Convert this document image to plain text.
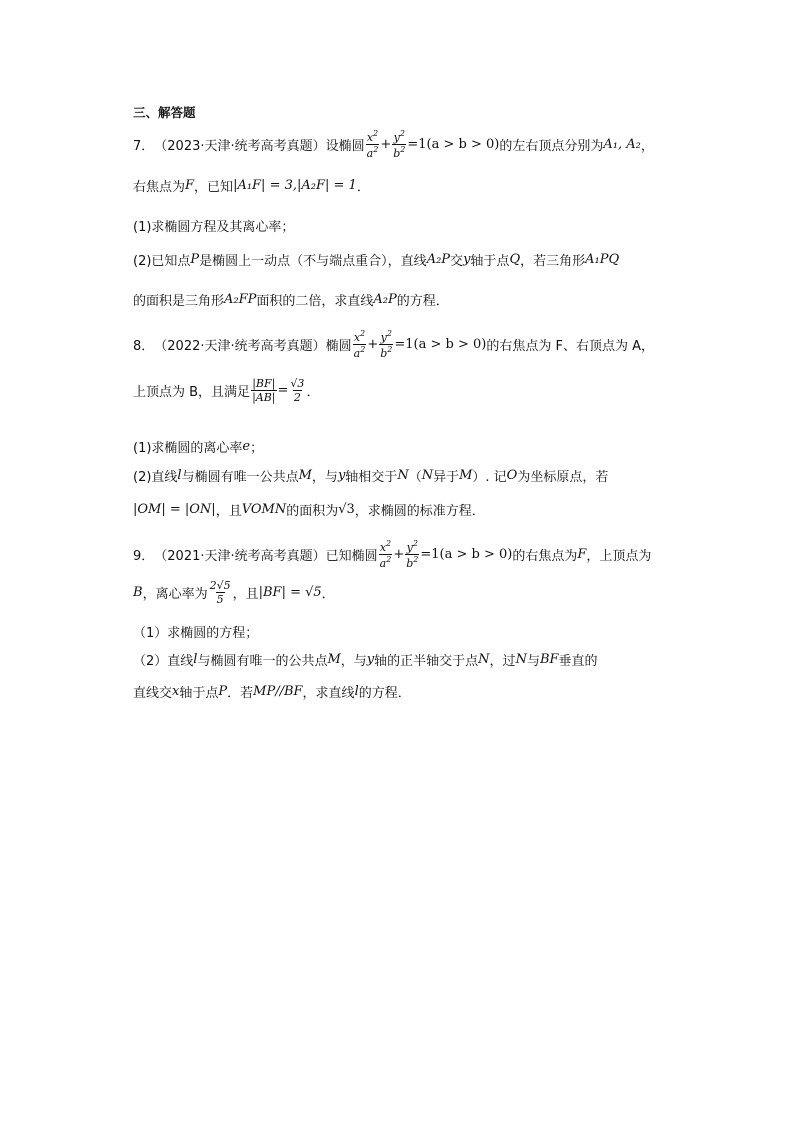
三、解答题
7． （2023·天津·统考高考真题） 设椭圆 $\frac{x^2}{a^2} + \frac{y^2}{b^2} =1(a > b > 0)$ 的左右顶点分别为 A₁, A₂ ，
右焦点为 F ，已知 |A₁F| = 3, |A₂F| = 1 ．
(1)求椭圆方程及其离心率；
(2)已知点 P 是椭圆上一动点（不与端点重合），直线 A₂P 交 y 轴于点 Q ，若三角形 A₁PQ
的面积是三角形 A₂FP 面积的二倍，求直线 A₂P 的方程．
8． （2022·天津·统考高考真题） 椭圆 $\frac{x^2}{a^2} + \frac{y^2}{b^2} =1(a > b > 0)$ 的右焦点为 F、右顶点为 A，
上顶点为 B，且满足 $\frac{|BF|}{|AB|} = \frac{√3}{2}$ ．
(1)求椭圆的离心率 e ；
(2)直线 l 与椭圆有唯一公共点 M ，与 y 轴相交于 N （ N 异于 M ）. 记 O 为坐标原点，若
|OM| = |ON| ，且 VOMN 的面积为 √3 ，求椭圆的标准方程．
9． （2021·天津·统考高考真题） 已知椭圆 $\frac{x^2}{a^2} + \frac{y^2}{b^2} =1(a > b > 0)$ 的右焦点为 F ，上顶点为
B ，离心率为 $\frac{2√5}{5}$ ，且 |BF| = √5 ．
（1）求椭圆的方程；
（2）直线 l 与椭圆有唯一的公共点 M ，与 y 轴的正半轴交于点 N ，过 N 与 BF 垂直的
直线交 x 轴于点 P ．若 MP//BF ，求直线 l 的方程．
